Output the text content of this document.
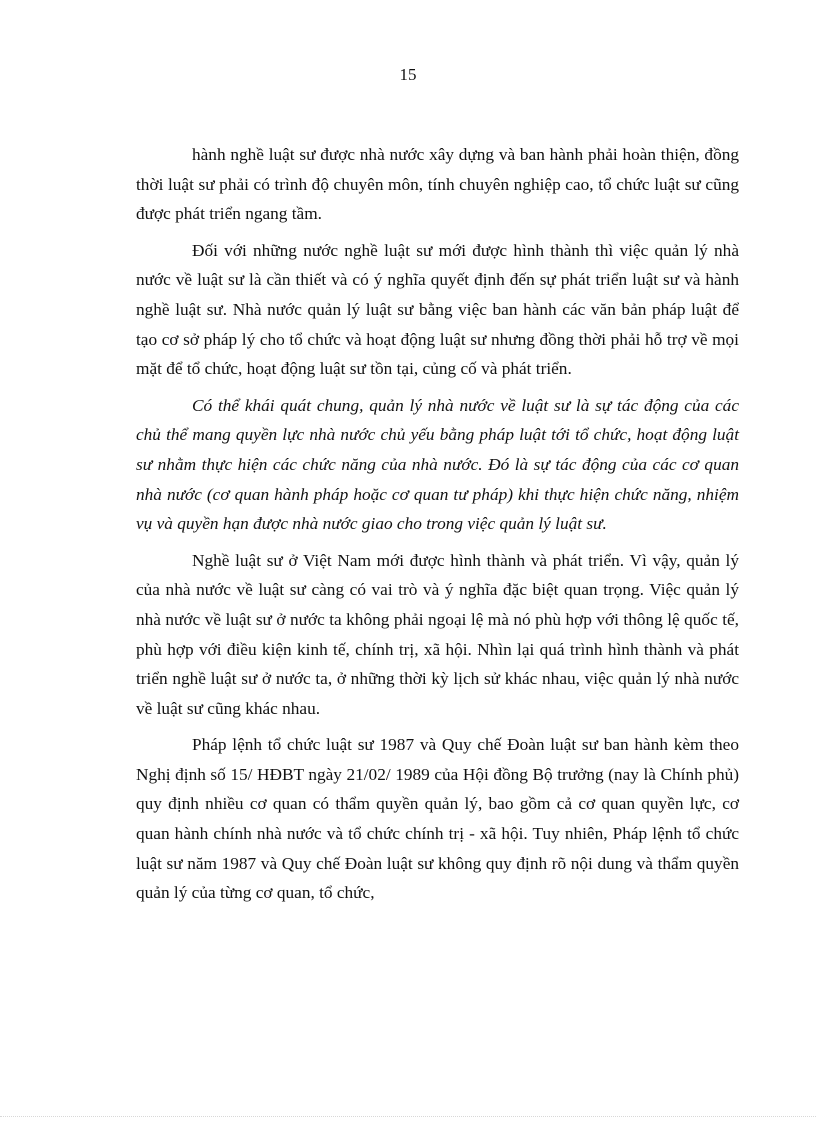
15

hành nghề luật sư được nhà nước xây dựng và ban hành phải hoàn thiện, đồng thời luật sư phải có trình độ chuyên môn, tính chuyên nghiệp cao, tổ chức luật sư cũng được phát triển ngang tầm.

Đối với những nước nghề luật sư mới được hình thành thì việc quản lý nhà nước về luật sư là cần thiết và có ý nghĩa quyết định đến sự phát triển luật sư và hành nghề luật sư. Nhà nước quản lý luật sư bằng việc ban hành các văn bản pháp luật để tạo cơ sở pháp lý cho tổ chức và hoạt động luật sư nhưng đồng thời phải hỗ trợ về mọi mặt để tổ chức, hoạt động luật sư tồn tại, củng cố và phát triển.

Có thể khái quát chung, quản lý nhà nước về luật sư là sự tác động của các chủ thể mang quyền lực nhà nước chủ yếu bằng pháp luật tới tổ chức, hoạt động luật sư nhằm thực hiện các chức năng của nhà nước. Đó là sự tác động của các cơ quan nhà nước (cơ quan hành pháp hoặc cơ quan tư pháp) khi thực hiện chức năng, nhiệm vụ và quyền hạn được nhà nước giao cho trong việc quản lý luật sư.

Nghề luật sư ở Việt Nam mới được hình thành và phát triển. Vì vậy, quản lý của nhà nước về luật sư càng có vai trò và ý nghĩa đặc biệt quan trọng. Việc quản lý nhà nước về luật sư ở nước ta không phải ngoại lệ mà nó phù hợp với thông lệ quốc tế, phù hợp với điều kiện kinh tế, chính trị, xã hội. Nhìn lại quá trình hình thành và phát triển nghề luật sư ở nước ta, ở những thời kỳ lịch sử khác nhau, việc quản lý nhà nước về luật sư cũng khác nhau.

Pháp lệnh tổ chức luật sư 1987 và Quy chế Đoàn luật sư ban hành kèm theo Nghị định số 15/ HĐBT ngày 21/02/ 1989 của Hội đồng Bộ trưởng (nay là Chính phủ) quy định nhiều cơ quan có thẩm quyền quản lý, bao gồm cả cơ quan quyền lực, cơ quan hành chính nhà nước và tổ chức chính trị - xã hội. Tuy nhiên, Pháp lệnh tổ chức luật sư năm 1987 và Quy chế Đoàn luật sư không quy định rõ nội dung và thẩm quyền quản lý của từng cơ quan, tổ chức,
